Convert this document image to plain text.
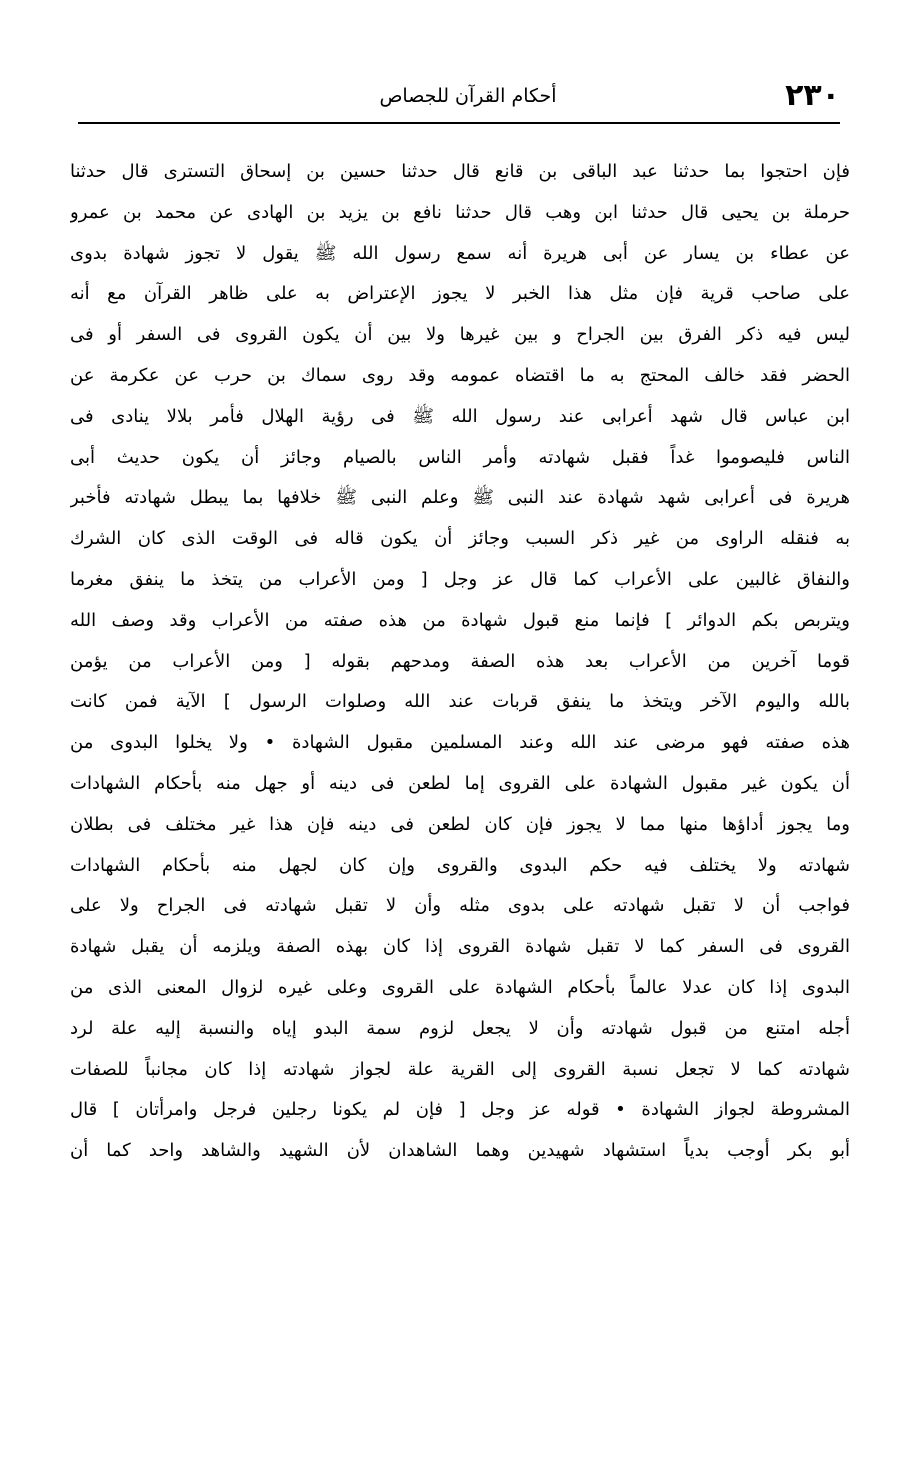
٢٣٠
أحكام القرآن للجصاص
فإن احتجوا بما حدثنا عبد الباقى بن قانع قال حدثنا حسين بن إسحاق التسترى قال حدثنا
حرملة بن يحيى قال حدثنا ابن وهب قال حدثنا نافع بن يزيد بن الهادى عن محمد بن عمرو
عن عطاء بن يسار عن أبى هريرة أنه سمع رسول الله ﷺ يقول لا تجوز شهادة بدوى
على صاحب قرية فإن مثل هذا الخبر لا يجوز الإعتراض به على ظاهر القرآن مع أنه
ليس فيه ذكر الفرق بين الجراح و بين غيرها ولا بين أن يكون القروى فى السفر أو فى
الحضر فقد خالف المحتج به ما اقتضاه عمومه وقد روى سماك بن حرب عن عكرمة عن
ابن عباس قال شهد أعرابى عند رسول الله ﷺ فى رؤية الهلال فأمر بلالا ينادى فى
الناس فليصوموا غداً فقبل شهادته وأمر الناس بالصيام وجائز أن يكون حديث أبى
هريرة فى أعرابى شهد شهادة عند النبى ﷺ وعلم النبى ﷺ خلافها بما يبطل شهادته فأخبر
به فنقله الراوى من غير ذكر السبب وجائز أن يكون قاله فى الوقت الذى كان الشرك
والنفاق غالبين على الأعراب كما قال عز وجل [ ومن الأعراب من يتخذ ما ينفق مغرما
ويتربص بكم الدوائر ] فإنما منع قبول شهادة من هذه صفته من الأعراب وقد وصف الله
قوما آخرين من الأعراب بعد هذه الصفة ومدحهم بقوله [ ومن الأعراب من يؤمن
بالله واليوم الآخر ويتخذ ما ينفق قربات عند الله وصلوات الرسول ] الآية فمن كانت
هذه صفته فهو مرضى عند الله وعند المسلمين مقبول الشهادة • ولا يخلوا البدوى من
أن يكون غير مقبول الشهادة على القروى إما لطعن فى دينه أو جهل منه بأحكام الشهادات
وما يجوز أداؤها منها مما لا يجوز فإن كان لطعن فى دينه فإن هذا غير مختلف فى بطلان
شهادته ولا يختلف فيه حكم البدوى والقروى وإن كان لجهل منه بأحكام الشهادات
فواجب أن لا تقبل شهادته على بدوى مثله وأن لا تقبل شهادته فى الجراح ولا على
القروى فى السفر كما لا تقبل شهادة القروى إذا كان بهذه الصفة ويلزمه أن يقبل شهادة
البدوى إذا كان عدلا عالماً بأحكام الشهادة على القروى وعلى غيره لزوال المعنى الذى من
أجله امتنع من قبول شهادته وأن لا يجعل لزوم سمة البدو إياه والنسبة إليه علة لرد
شهادته كما لا تجعل نسبة القروى إلى القرية علة لجواز شهادته إذا كان مجانباً للصفات
المشروطة لجواز الشهادة • قوله عز وجل [ فإن لم يكونا رجلين فرجل وامرأتان ] قال
أبو بكر أوجب بدياً استشهاد شهيدين وهما الشاهدان لأن الشهيد والشاهد واحد كما أن
